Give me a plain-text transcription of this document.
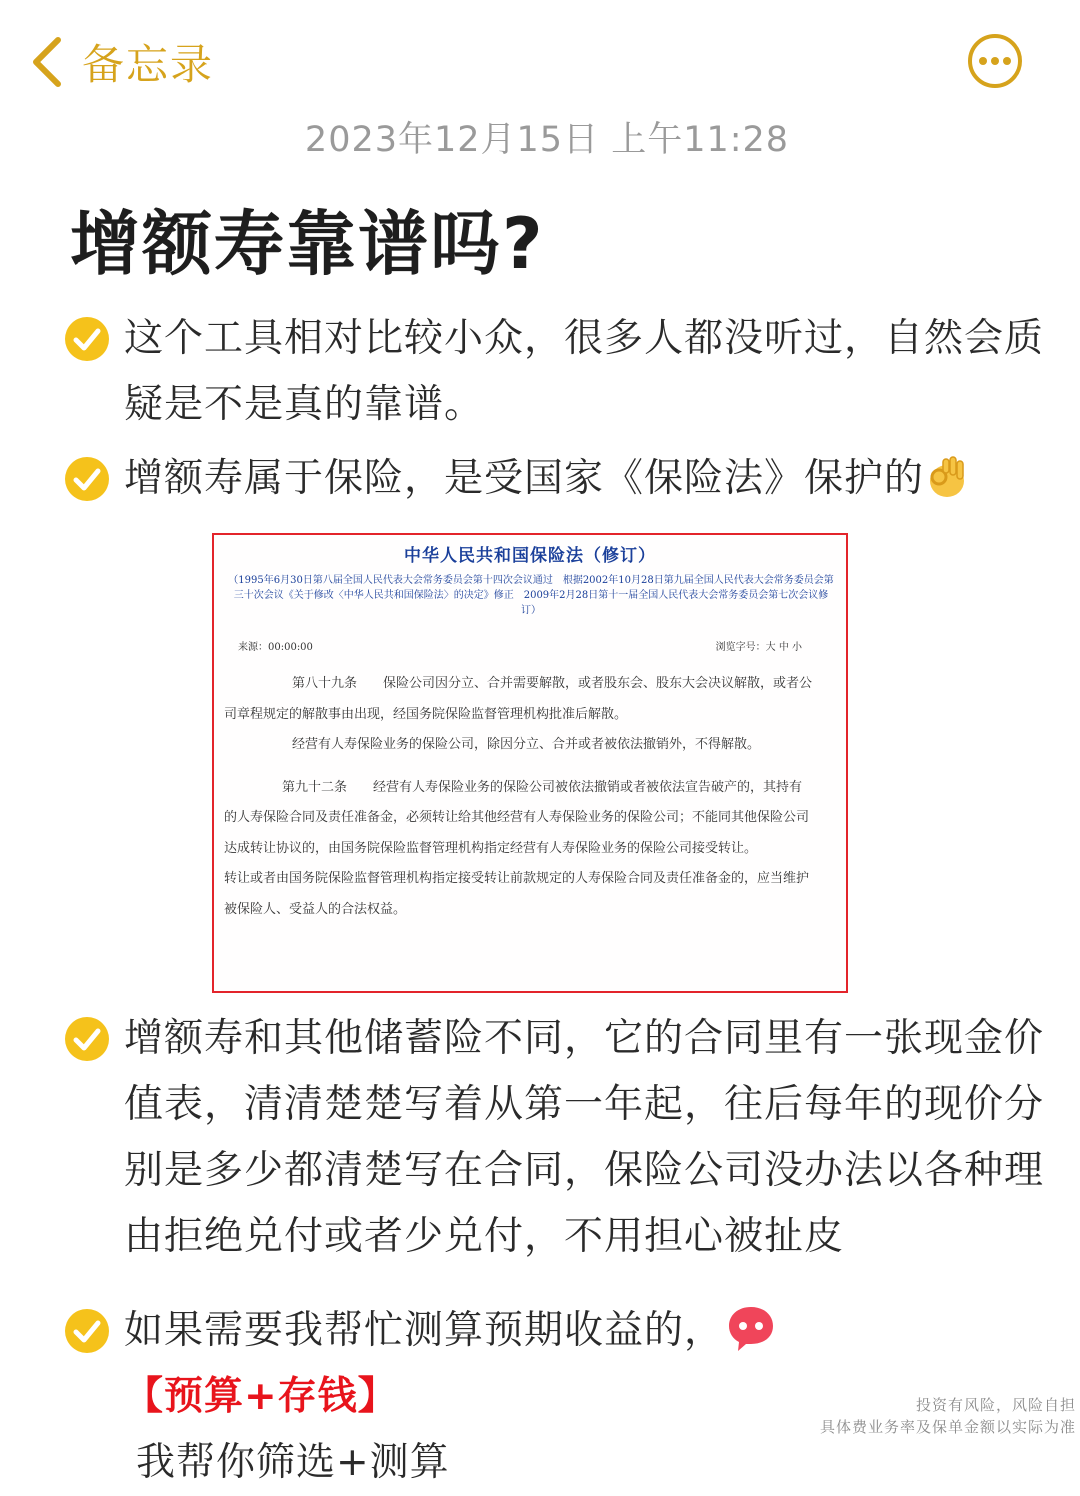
备忘录
2023年12月15日 上午11:28
增额寿靠谱吗?
这个工具相对比较小众，很多人都没听过，自然会质疑是不是真的靠谱。
增额寿属于保险，是受国家《保险法》保护的
中华人民共和国保险法（修订）
（1995年6月30日第八届全国人民代表大会常务委员会第十四次会议通过　根据2002年10月28日第九届全国人民代表大会常务委员会第三十次会议《关于修改〈中华人民共和国保险法〉的决定》修正　2009年2月28日第十一届全国人民代表大会常务委员会第七次会议修订）
来源：00:00:00	浏览字号：大 中 小

第八十九条　　保险公司因分立、合并需要解散，或者股东会、股东大会决议解散，或者公司章程规定的解散事由出现，经国务院保险监督管理机构批准后解散。

经营有人寿保险业务的保险公司，除因分立、合并或者被依法撤销外，不得解散。

第九十二条　　经营有人寿保险业务的保险公司被依法撤销或者被依法宣告破产的，其持有的人寿保险合同及责任准备金，必须转让给其他经营有人寿保险业务的保险公司；不能同其他保险公司达成转让协议的，由国务院保险监督管理机构指定经营有人寿保险业务的保险公司接受转让。

转让或者由国务院保险监督管理机构指定接受转让前款规定的人寿保险合同及责任准备金的，应当维护被保险人、受益人的合法权益。

增额寿和其他储蓄险不同，它的合同里有一张现金价值表，清清楚楚写着从第一年起，往后每年的现价分别是多少都清楚写在合同，保险公司没办法以各种理由拒绝兑付或者少兑付，不用担心被扯皮
如果需要我帮忙测算预期收益的，【预算+存钱】
我帮你筛选+测算
投资有风险，风险自担
具体费业务率及保单金额以实际为准
